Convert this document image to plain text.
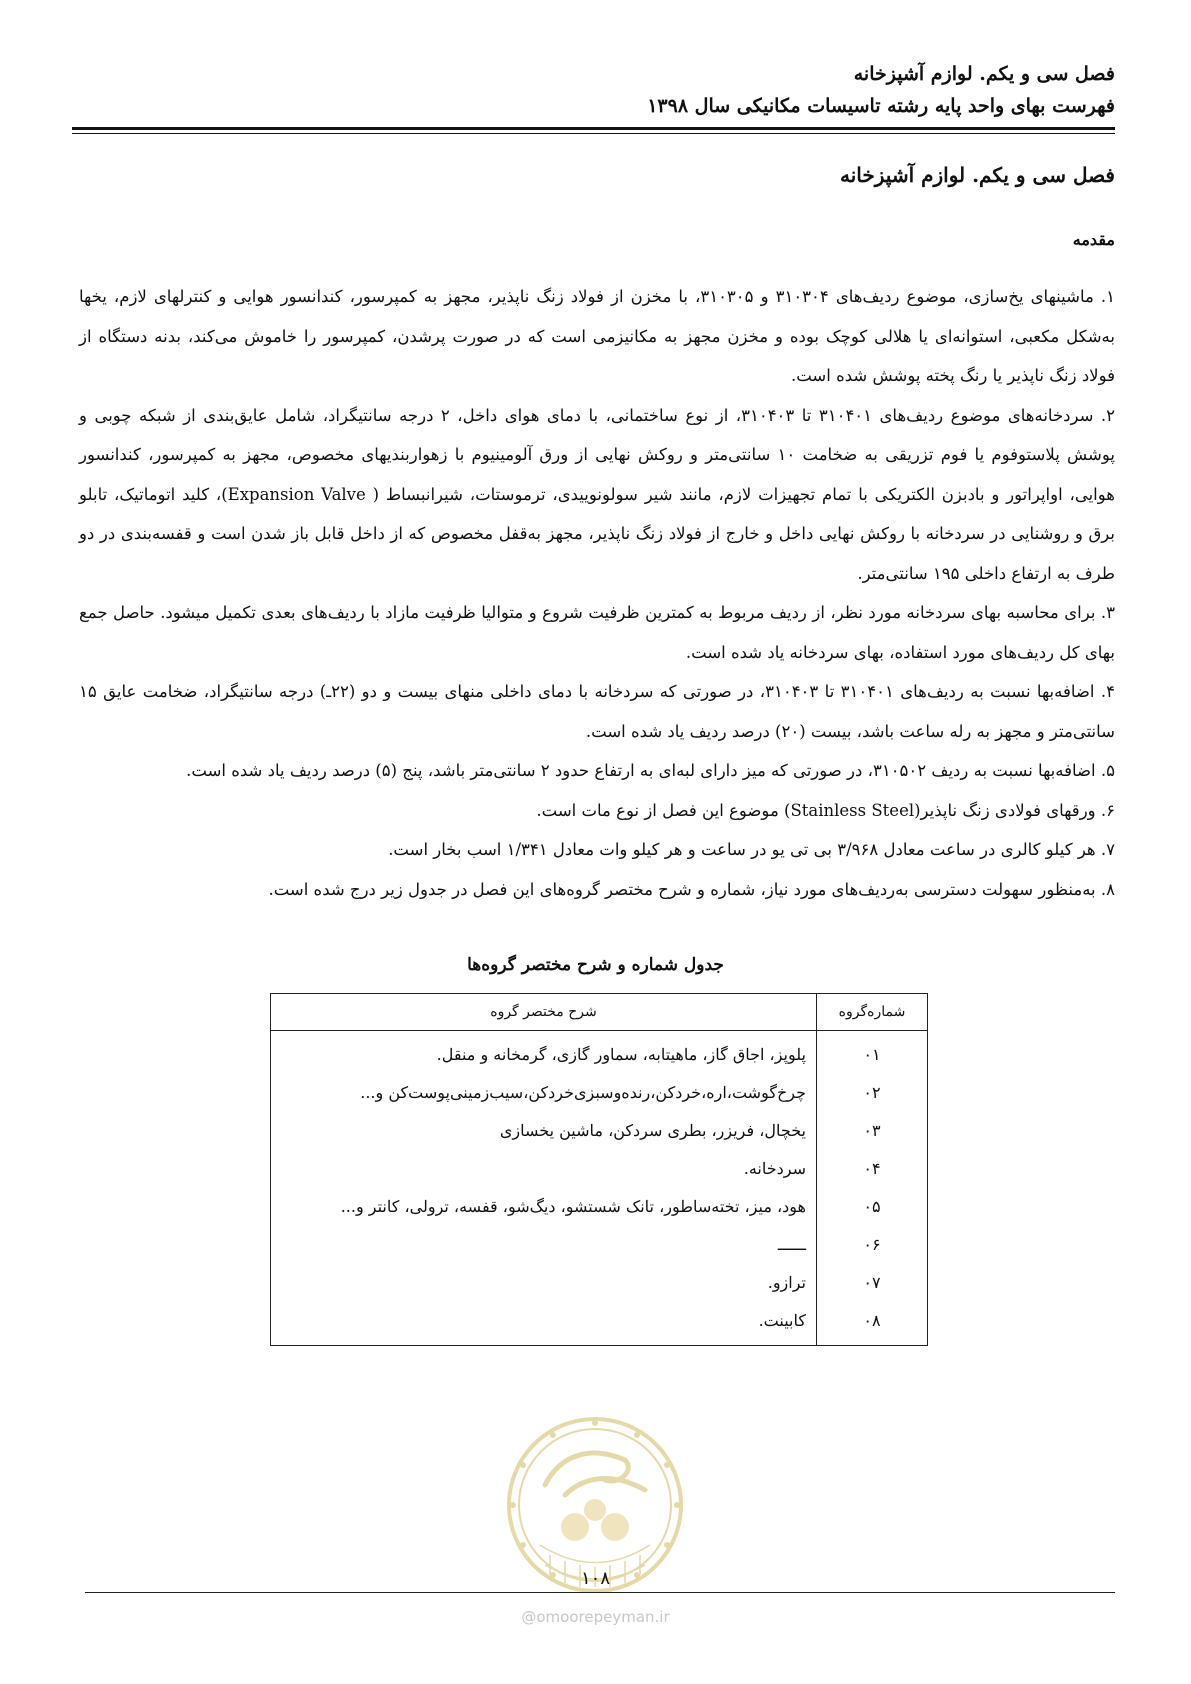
فصل سی و یکم. لوازم آشپزخانه
فهرست بهای واحد پایه رشته تاسیسات مکانیکی سال ۱۳۹۸
فصل سی و یکم. لوازم آشپزخانه
مقدمه

۱. ماشینهای یخ‌سازی، موضوع ردیف‌های ۳۱۰۳۰۴ و ۳۱۰۳۰۵، با مخزن از فولاد زنگ نا‌پذیر، مجهز به کمپرسور، کندانسور هوایی و کنترلهای لازم، یخها به‌شکل مکعبی، استوانه‌ای یا هلالی کوچک بوده و مخزن مجهز به مکانیزمی است که در صورت پرشدن، کمپرسور را خاموش می‌کند، بدنه دستگاه از فولاد زنگ نا‌پذیر یا رنگ پخته پوشش شده است.

۲. سردخانه‌های موضوع ردیف‌های ۳۱۰۴۰۱ تا ۳۱۰۴۰۳، از نوع ساختمانی، با دمای هوای داخل، ۲ درجه سانتیگراد، شامل عایق‌بندی از شبکه چوبی و پوشش پلاستوفوم یا فوم تزریقی به ضخامت ۱۰ سانتی‌متر و روکش نهایی از ورق آلومینیوم با زهواربندیهای مخصوص، مجهز به کمپرسور، کندانسور هوایی، اواپراتور و بادبزن الکتریکی با تمام تجهیزات لازم، مانند شیر سولونوییدی، ترموستات، شیرانبساط ( Expansion Valve)، کلید اتوماتیک، تابلو برق و روشنایی در سردخانه با روکش نهایی داخل و خارج از فولاد زنگ نا‌پذیر، مجهز به‌قفل مخصوص که از داخل قابل باز شدن است و قفسه‌بندی در دو طرف به ارتفاع داخلی ۱۹۵ سانتی‌متر.

۳. برای محاسبه بهای سردخانه مورد نظر، از ردیف مربوط به کمترین ظرفیت شروع و متوالیا ظرفیت مازاد با ردیف‌های بعدی تکمیل میشود. حاصل جمع بهای کل ردیف‌های مورد استفاده، بهای سردخانه یاد شده است.

۴. اضافه‌بها نسبت به ردیف‌های ۳۱۰۴۰۱ تا ۳۱۰۴۰۳، در صورتی که سردخانه با دمای داخلی منهای بیست و دو (۲۲ـ) درجه سانتیگراد، ضخامت عایق ۱۵ سانتی‌متر و مجهز به رله ساعت باشد، بیست (۲۰) درصد ردیف یاد شده است.

۵. اضافه‌بها نسبت به ردیف ۳۱۰۵۰۲، در صورتی که میز دارای لبه‌ای به ارتفاع حدود ۲ سانتی‌متر باشد، پنج (۵) درصد ردیف یاد شده است.

۶. ورقهای فولادی زنگ نا‌پذیر(Stainless Steel) موضوع این فصل از نوع مات است.

۷. هر کیلو کالری در ساعت معادل ۳/۹۶۸ بی تی یو در ساعت و هر کیلو وات معادل ۱/۳۴۱ اسب بخار است.

۸. به‌منظور سهولت دسترسی به‌ردیف‌های مورد نیاز، شماره و شرح مختصر گروه‌های این فصل در جدول زیر درج شده است.

جدول شماره و شرح مختصر گروه‌ها
شماره‌گروه	شرح مختصر گروه
۰۱	پلوپز، اجاق گاز، ماهیتابه، سماور گازی، گرمخانه و منقل.
۰۲	چرخ‌گوشت،اره،خردکن،رنده‌وسبزی‌خردکن،سیب‌زمینی‌پوست‌کن و...
۰۳	یخچال، فریزر، بطری سردکن، ماشین یخسازی
۰۴	سردخانه.
۰۵	هود، میز، تخته‌ساطور، تانک شستشو، دیگ‌شو، قفسه، ترولی، کانتر و...
۰۶	ــــــ
۰۷	ترازو.
۰۸	کابینت.
۱۰۸
@omoorepeyman.ir
